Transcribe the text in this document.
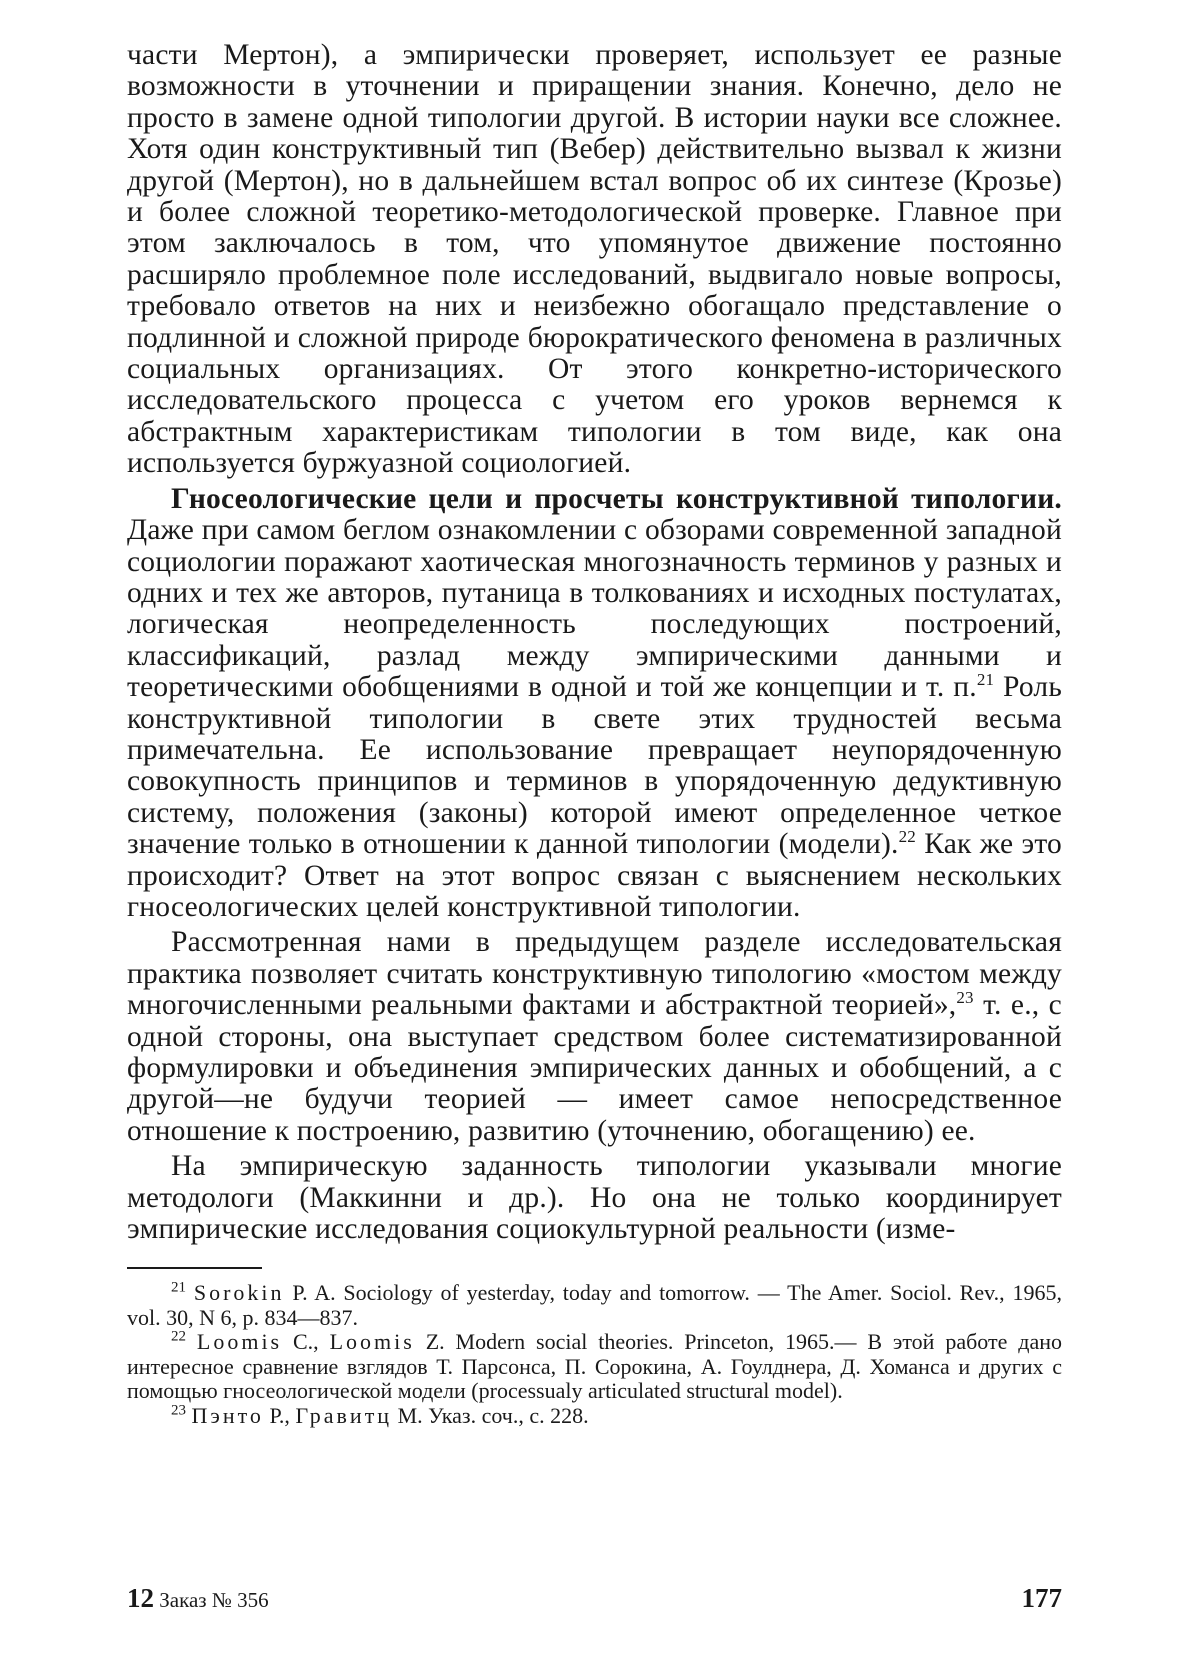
части Мертон), а эмпирически проверяет, использует ее разные возможности в уточнении и приращении знания. Конечно, дело не просто в замене одной типологии другой. В истории науки все сложнее. Хотя один конструктивный тип (Вебер) действительно вызвал к жизни другой (Мертон), но в дальнейшем встал вопрос об их синтезе (Крозье) и более сложной теоретико-методологической проверке. Главное при этом заключалось в том, что упомянутое движение постоянно расширяло проблемное поле исследований, выдвигало новые вопросы, требовало ответов на них и неизбежно обогащало представление о подлинной и сложной природе бюрократического феномена в различных социальных организациях. От этого конкретно-исторического исследовательского процесса с учетом его уроков вернемся к абстрактным характеристикам типологии в том виде, как она используется буржуазной социологией.

Гносеологические цели и просчеты конструктивной типологии. Даже при самом беглом ознакомлении с обзорами современной западной социологии поражают хаотическая многозначность терминов у разных и одних и тех же авторов, путаница в толкованиях и исходных постулатах, логическая неопределенность последующих построений, классификаций, разлад между эмпирическими данными и теоретическими обобщениями в одной и той же концепции и т. п.$^{21}$ Роль конструктивной типологии в свете этих трудностей весьма примечательна. Ее использование превращает неупорядоченную совокупность принципов и терминов в упорядоченную дедуктивную систему, положения (законы) которой имеют определенное четкое значение только в отношении к данной типологии (модели).$^{22}$ Как же это происходит? Ответ на этот вопрос связан с выяснением нескольких гносеологических целей конструктивной типологии.

Рассмотренная нами в предыдущем разделе исследовательская практика позволяет считать конструктивную типологию «мостом между многочисленными реальными фактами и абстрактной теорией»,$^{23}$ т. е., с одной стороны, она выступает средством более систематизированной формулировки и объединения эмпирических данных и обобщений, а с другой—не будучи теорией — имеет самое непосредственное отношение к построению, развитию (уточнению, обогащению) ее.

На эмпирическую заданность типологии указывали многие методологи (Маккинни и др.). Но она не только координирует эмпирические исследования социокультурной реальности (изме-

$^{21}$ Sorokin P. A. Sociology of yesterday, today and tomorrow. — The Amer. Sociol. Rev., 1965, vol. 30, N 6, p. 834—837.

$^{22}$ Loomis C., Loomis Z. Modern social theories. Princeton, 1965.— В этой работе дано интересное сравнение взглядов Т. Парсонса, П. Сорокина, А. Гоулднера, Д. Хоманса и других с помощью гносеологической модели (processualy articulated structural model).

$^{23}$ Пэнто Р., Гравитц М. Указ. соч., с. 228.

12 Заказ № 356	177
